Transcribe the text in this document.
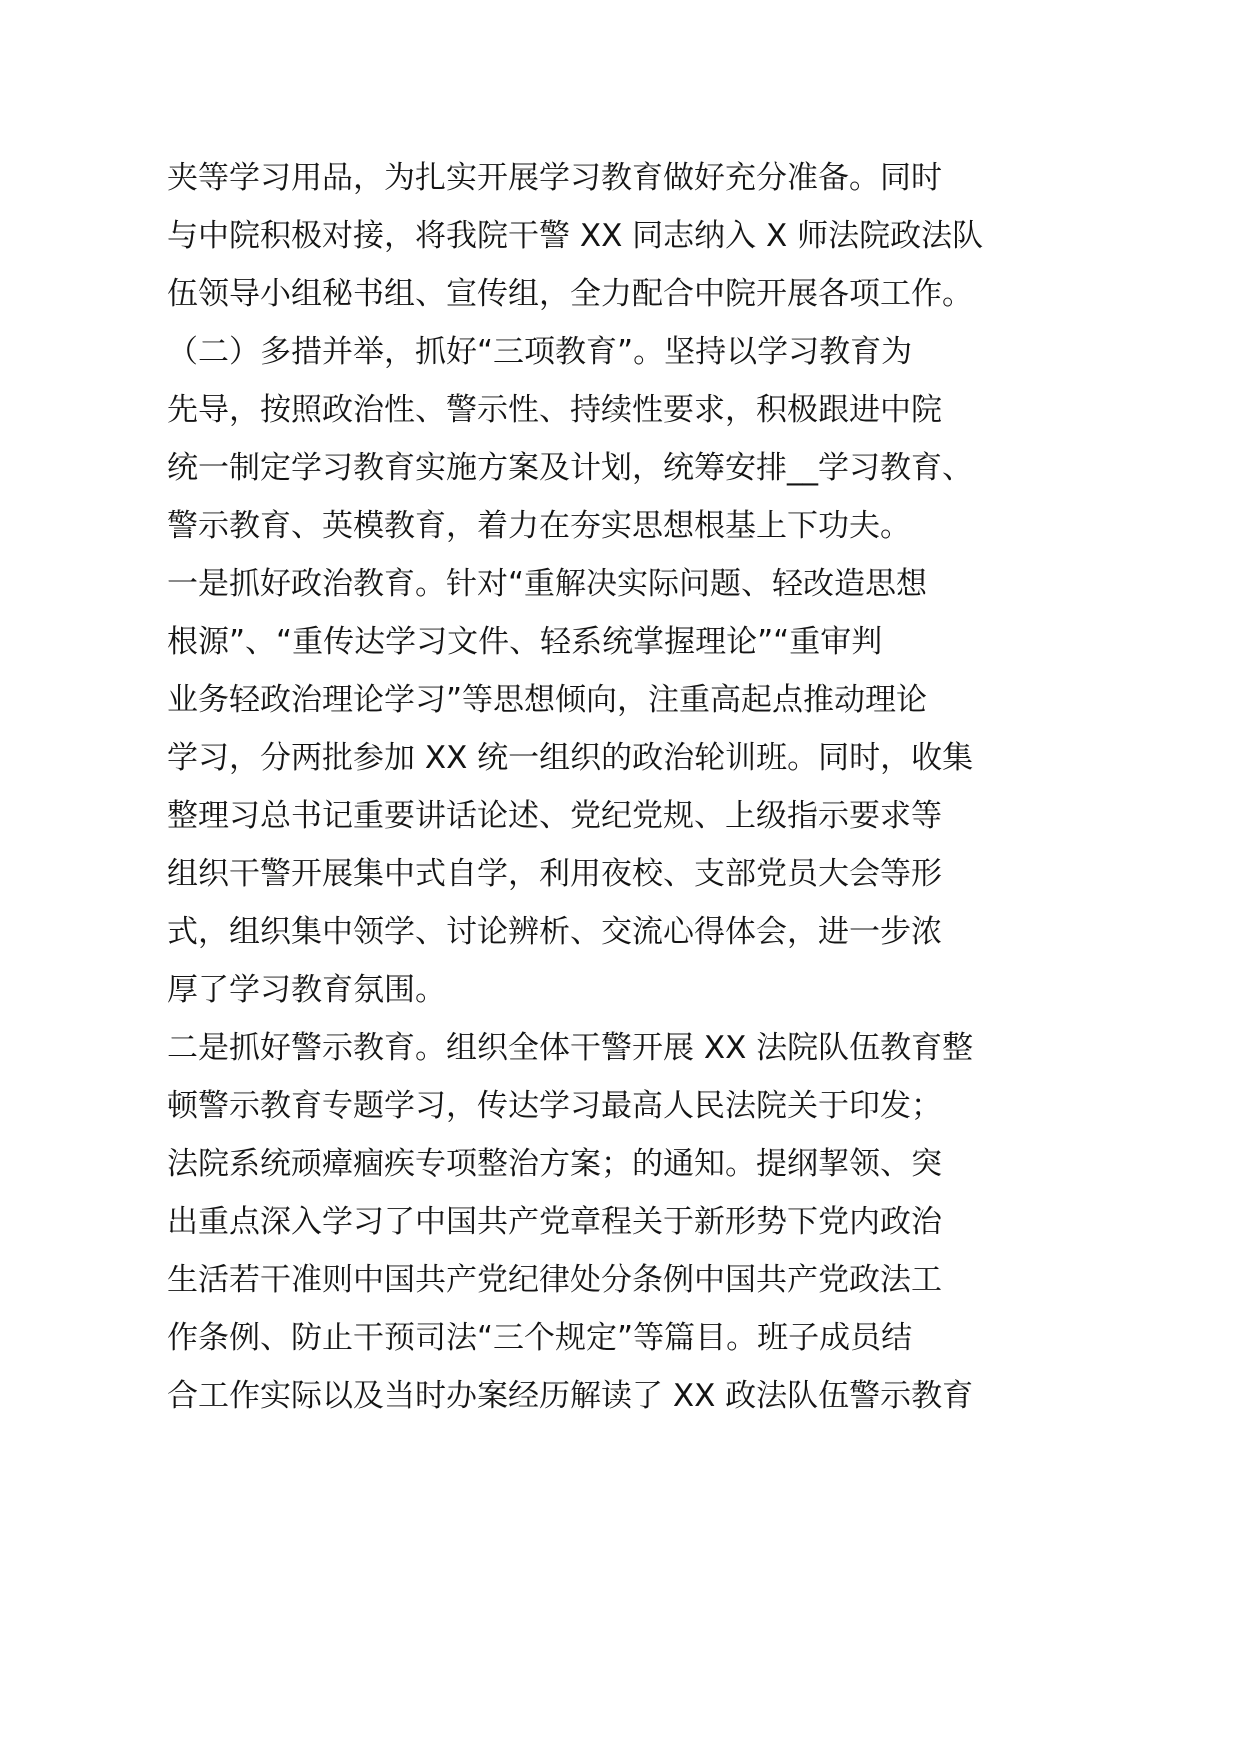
夹等学习用品，为扎实开展学习教育做好充分准备。同时
与中院积极对接，将我院干警 XX 同志纳入 X 师法院政法队
伍领导小组秘书组、宣传组，全力配合中院开展各项工作。
（二）多措并举，抓好“三项教育”。坚持以学习教育为
先导，按照政治性、警示性、持续性要求，积极跟进中院
统一制定学习教育实施方案及计划，统筹安排__学习教育、
警示教育、英模教育，着力在夯实思想根基上下功夫。
一是抓好政治教育。针对“重解决实际问题、轻改造思想
根源”、“重传达学习文件、轻系统掌握理论”“重审判
业务轻政治理论学习”等思想倾向，注重高起点推动理论
学习，分两批参加 XX 统一组织的政治轮训班。同时，收集
整理习总书记重要讲话论述、党纪党规、上级指示要求等
组织干警开展集中式自学，利用夜校、支部党员大会等形
式，组织集中领学、讨论辨析、交流心得体会，进一步浓
厚了学习教育氛围。
二是抓好警示教育。组织全体干警开展 XX 法院队伍教育整
顿警示教育专题学习，传达学习最高人民法院关于印发；
法院系统顽瘴痼疾专项整治方案；的通知。提纲挈领、突
出重点深入学习了中国共产党章程关于新形势下党内政治
生活若干准则中国共产党纪律处分条例中国共产党政法工
作条例、防止干预司法“三个规定”等篇目。班子成员结
合工作实际以及当时办案经历解读了 XX 政法队伍警示教育
